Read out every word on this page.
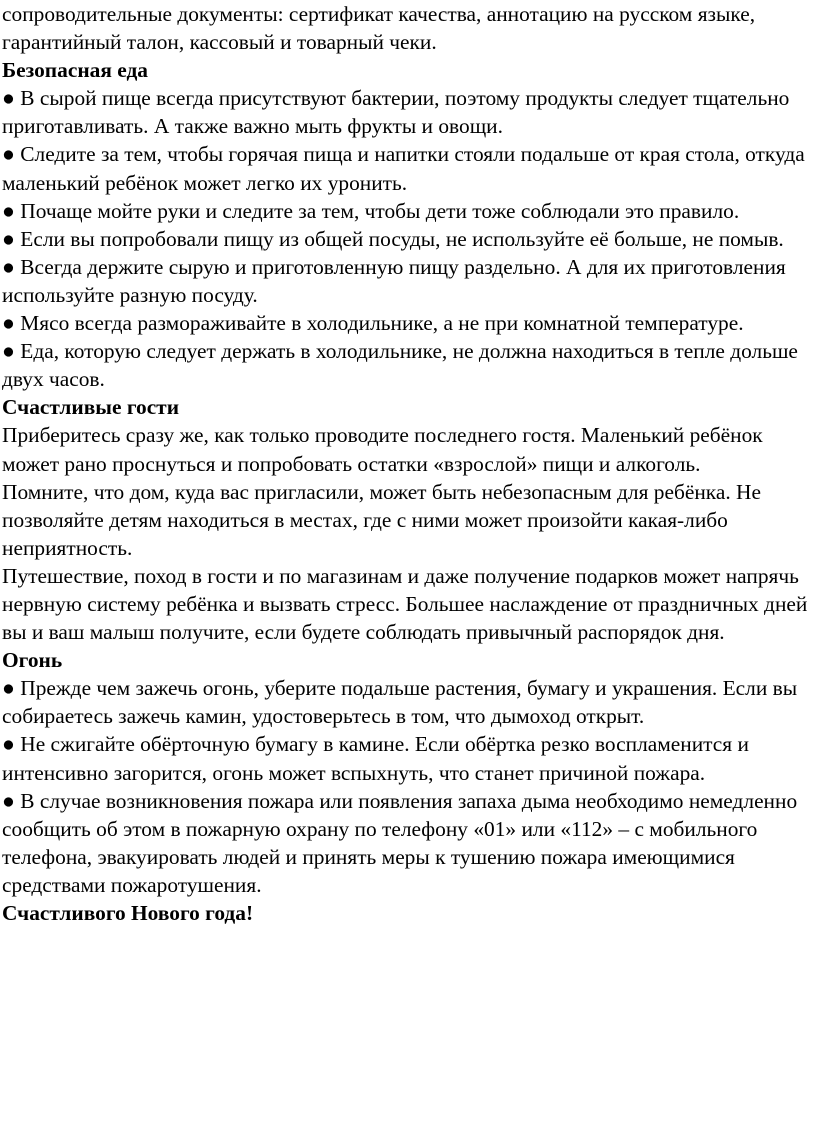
сопроводительные документы: сертификат качества, аннотацию на русском языке, гарантийный талон, кассовый и товарный чеки.

Безопасная еда

● В сырой пище всегда присутствуют бактерии, поэтому продукты следует тщательно приготавливать. А также важно мыть фрукты и овощи.

● Следите за тем, чтобы горячая пища и напитки стояли подальше от края стола, откуда маленький ребёнок может легко их уронить.

● Почаще мойте руки и следите за тем, чтобы дети тоже соблюдали это правило.

● Если вы попробовали пищу из общей посуды, не используйте её больше, не помыв.

● Всегда держите сырую и приготовленную пищу раздельно. А для их приготовления используйте разную посуду.

● Мясо всегда размораживайте в холодильнике, а не при комнатной температуре.

● Еда, которую следует держать в холодильнике, не должна находиться в тепле дольше двух часов.

Счастливые гости

Приберитесь сразу же, как только проводите последнего гостя. Маленький ребёнок может рано проснуться и попробовать остатки «взрослой» пищи и алкоголь.

Помните, что дом, куда вас пригласили, может быть небезопасным для ребёнка. Не позволяйте детям находиться в местах, где с ними может произойти какая-либо неприятность.

Путешествие, поход в гости и по магазинам и даже получение подарков может напрячь нервную систему ребёнка и вызвать стресс. Большее наслаждение от праздничных дней вы и ваш малыш получите, если будете соблюдать привычный распорядок дня.

Огонь

● Прежде чем зажечь огонь, уберите подальше растения, бумагу и украшения. Если вы собираетесь зажечь камин, удостоверьтесь в том, что дымоход открыт.

● Не сжигайте обёрточную бумагу в камине. Если обёртка резко воспламенится и интенсивно загорится, огонь может вспыхнуть, что станет причиной пожара.

● В случае возникновения пожара или появления запаха дыма необходимо немедленно сообщить об этом в пожарную охрану по телефону «01» или «112» – с мобильного телефона, эвакуировать людей и принять меры к тушению пожара имеющимися средствами пожаротушения.

Счастливого Нового года!
